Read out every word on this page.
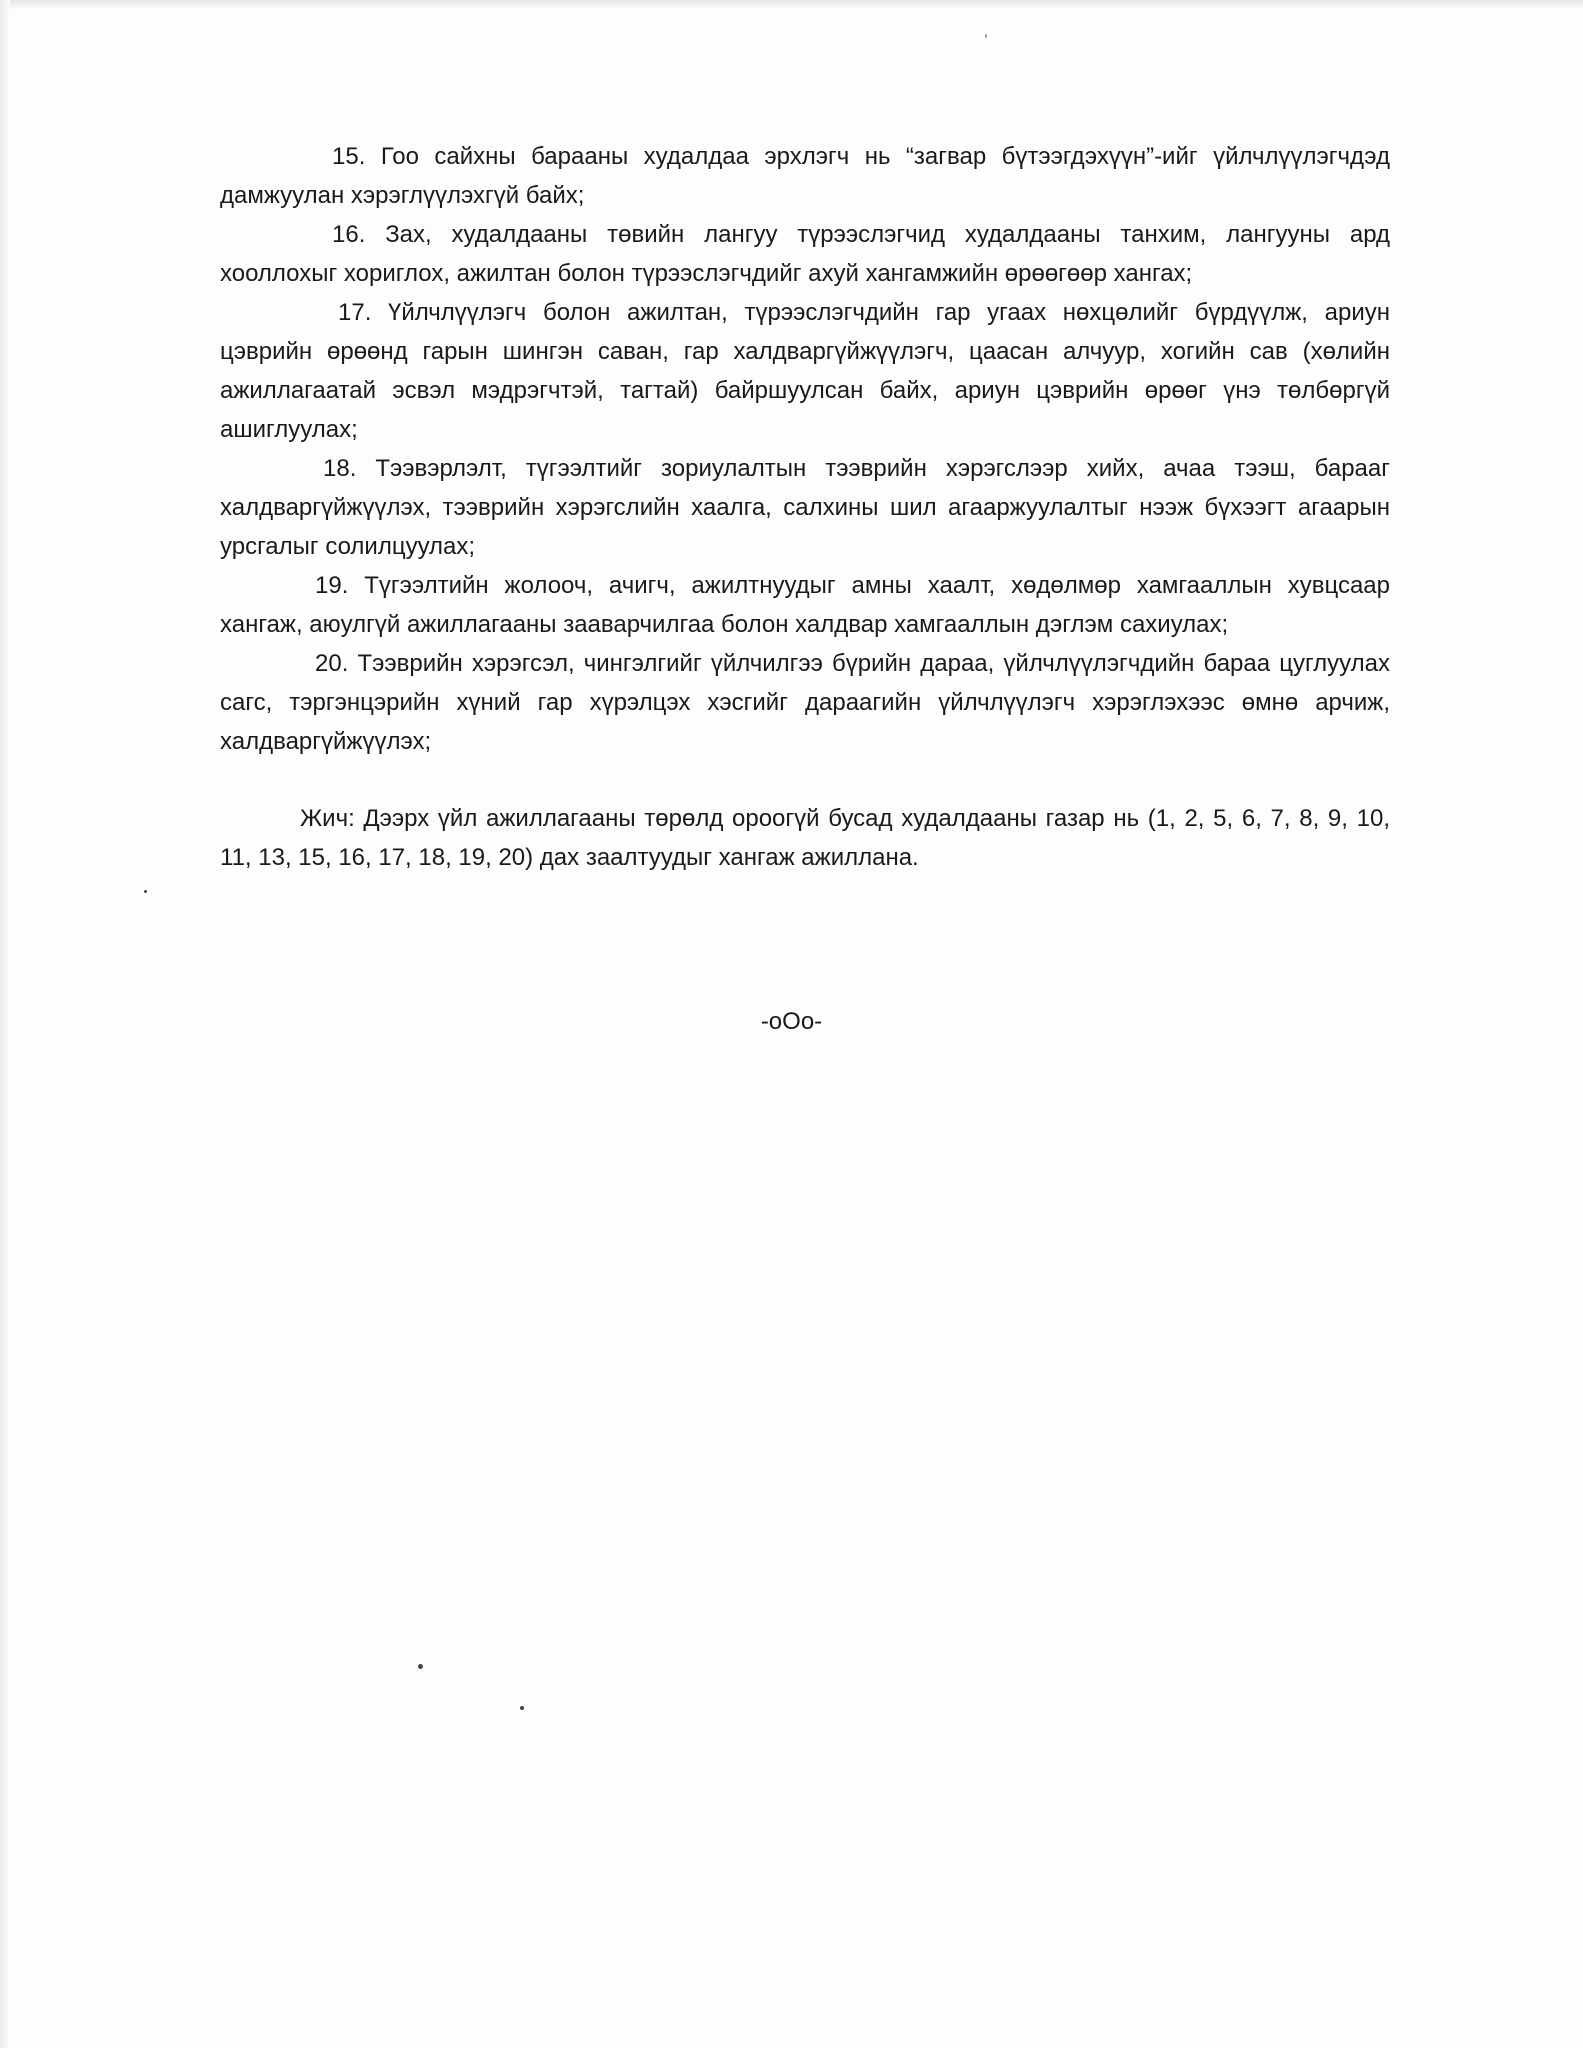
15. Гоо сайхны барааны худалдаа эрхлэгч нь “загвар бүтээгдэхүүн”-ийг үйлчлүүлэгчдэд дамжуулан хэрэглүүлэхгүй байх;

16. Зах, худалдааны төвийн лангуу түрээслэгчид худалдааны танхим, лангууны ард хооллохыг хориглох, ажилтан болон түрээслэгчдийг ахуй хангамжийн өрөөгөөр хангах;

17. Үйлчлүүлэгч болон ажилтан, түрээслэгчдийн гар угаах нөхцөлийг бүрдүүлж, ариун цэврийн өрөөнд гарын шингэн саван, гар халдваргүйжүүлэгч, цаасан алчуур, хогийн сав (хөлийн ажиллагаатай эсвэл мэдрэгчтэй, тагтай) байршуулсан байх, ариун цэврийн өрөөг үнэ төлбөргүй ашиглуулах;

18. Тээвэрлэлт, түгээлтийг зориулалтын тээврийн хэрэгслээр хийх, ачаа тээш, барааг халдваргүйжүүлэх, тээврийн хэрэгслийн хаалга, салхины шил агааржуулалтыг нээж бүхээгт агаарын урсгалыг солилцуулах;

19. Түгээлтийн жолооч, ачигч, ажилтнуудыг амны хаалт, хөдөлмөр хамгааллын хувцсаар хангаж, аюулгүй ажиллагааны зааварчилгаа болон халдвар хамгааллын дэглэм сахиулах;

20. Тээврийн хэрэгсэл, чингэлгийг үйлчилгээ бүрийн дараа, үйлчлүүлэгчдийн бараа цуглуулах сагс, тэргэнцэрийн хүний гар хүрэлцэх хэсгийг дараагийн үйлчлүүлэгч хэрэглэхээс өмнө арчиж, халдваргүйжүүлэх;

Жич: Дээрх үйл ажиллагааны төрөлд ороогүй бусад худалдааны газар нь (1, 2, 5, 6, 7, 8, 9, 10, 11, 13, 15, 16, 17, 18, 19, 20) дах заалтуудыг хангаж ажиллана.

-oOo-
